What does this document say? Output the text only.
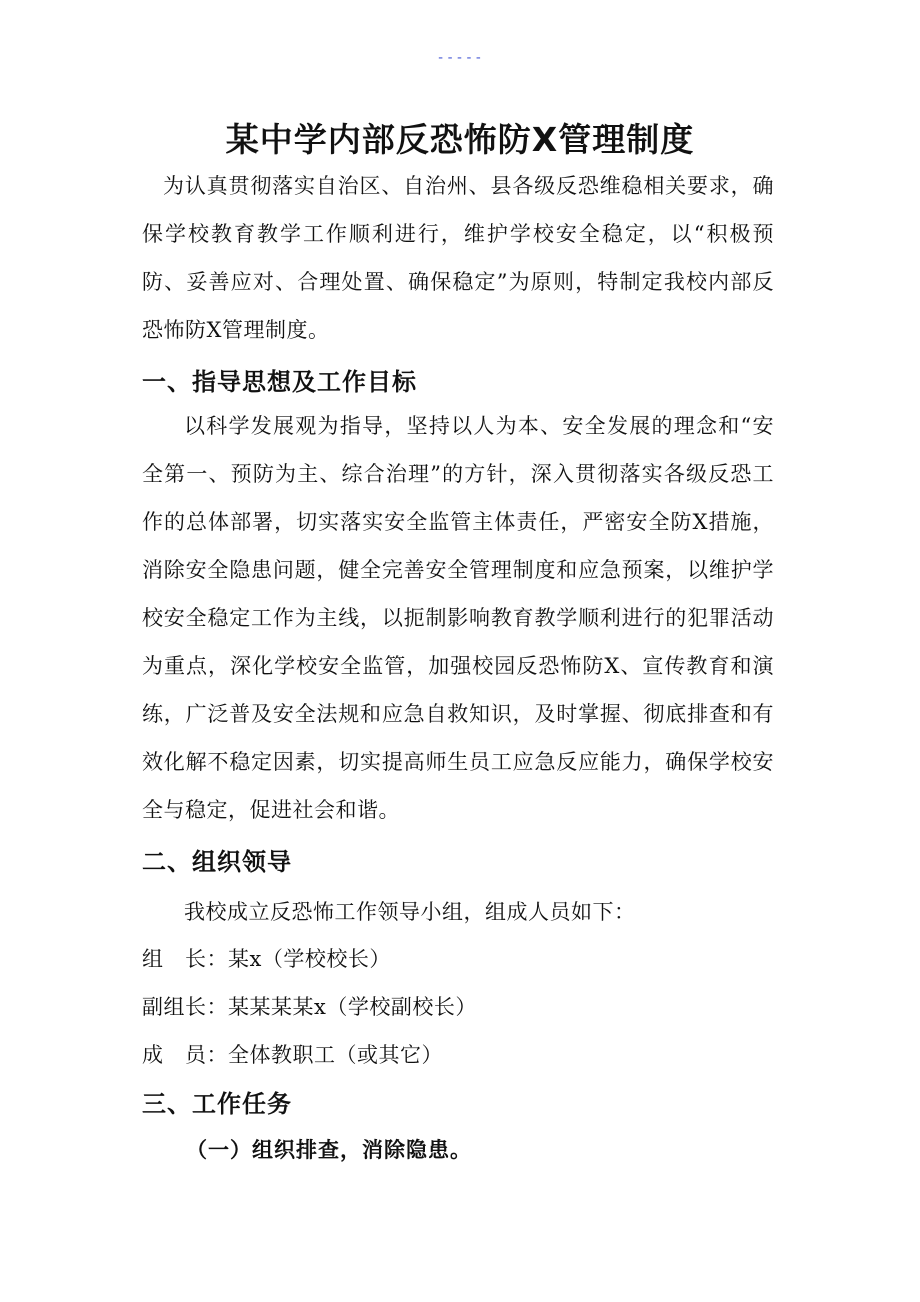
-----
某中学内部反恐怖防X管理制度
为认真贯彻落实自治区、自治州、县各级反恐维稳相关要求，确保学校教育教学工作顺利进行，维护学校安全稳定，以“积极预防、妥善应对、合理处置、确保稳定”为原则，特制定我校内部反恐怖防X管理制度。
一、指导思想及工作目标
以科学发展观为指导，坚持以人为本、安全发展的理念和“安全第一、预防为主、综合治理”的方针，深入贯彻落实各级反恐工作的总体部署，切实落实安全监管主体责任，严密安全防X措施，消除安全隐患问题，健全完善安全管理制度和应急预案，以维护学校安全稳定工作为主线，以扼制影响教育教学顺利进行的犯罪活动为重点，深化学校安全监管，加强校园反恐怖防X、宣传教育和演练，广泛普及安全法规和应急自救知识，及时掌握、彻底排查和有效化解不稳定因素，切实提高师生员工应急反应能力，确保学校安全与稳定，促进社会和谐。
二、组织领导
我校成立反恐怖工作领导小组，组成人员如下：
组　长：某x（学校校长）
副组长：某某某某x（学校副校长）
成　员：全体教职工（或其它）
三、工作任务
（一）组织排查，消除隐患。
